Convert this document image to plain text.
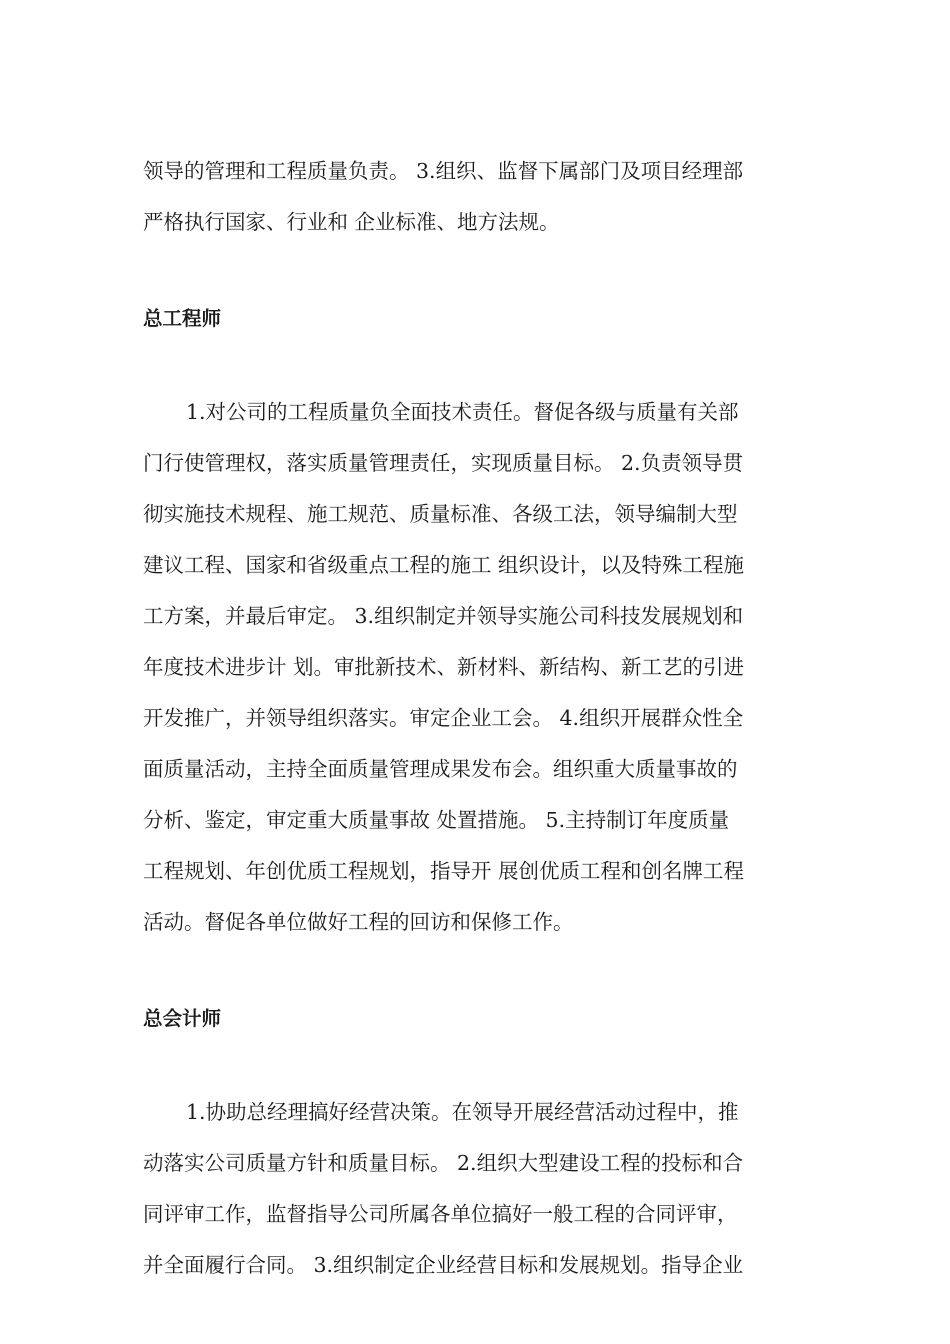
领导的管理和工程质量负责。 3.组织、监督下属部门及项目经理部
严格执行国家、行业和 企业标准、地方法规。
总工程师
1.对公司的工程质量负全面技术责任。督促各级与质量有关部
门行使管理权，落实质量管理责任，实现质量目标。 2.负责领导贯
彻实施技术规程、施工规范、质量标准、各级工法，领导编制大型
建议工程、国家和省级重点工程的施工 组织设计，以及特殊工程施
工方案，并最后审定。 3.组织制定并领导实施公司科技发展规划和
年度技术进步计 划。审批新技术、新材料、新结构、新工艺的引进
开发推广，并领导组织落实。审定企业工会。 4.组织开展群众性全
面质量活动，主持全面质量管理成果发布会。组织重大质量事故的
分析、鉴定，审定重大质量事故 处置措施。 5.主持制订年度质量
工程规划、年创优质工程规划，指导开 展创优质工程和创名牌工程
活动。督促各单位做好工程的回访和保修工作。
总会计师
1.协助总经理搞好经营决策。在领导开展经营活动过程中，推
动落实公司质量方针和质量目标。 2.组织大型建设工程的投标和合
同评审工作，监督指导公司所属各单位搞好一般工程的合同评审，
并全面履行合同。 3.组织制定企业经营目标和发展规划。指导企业
